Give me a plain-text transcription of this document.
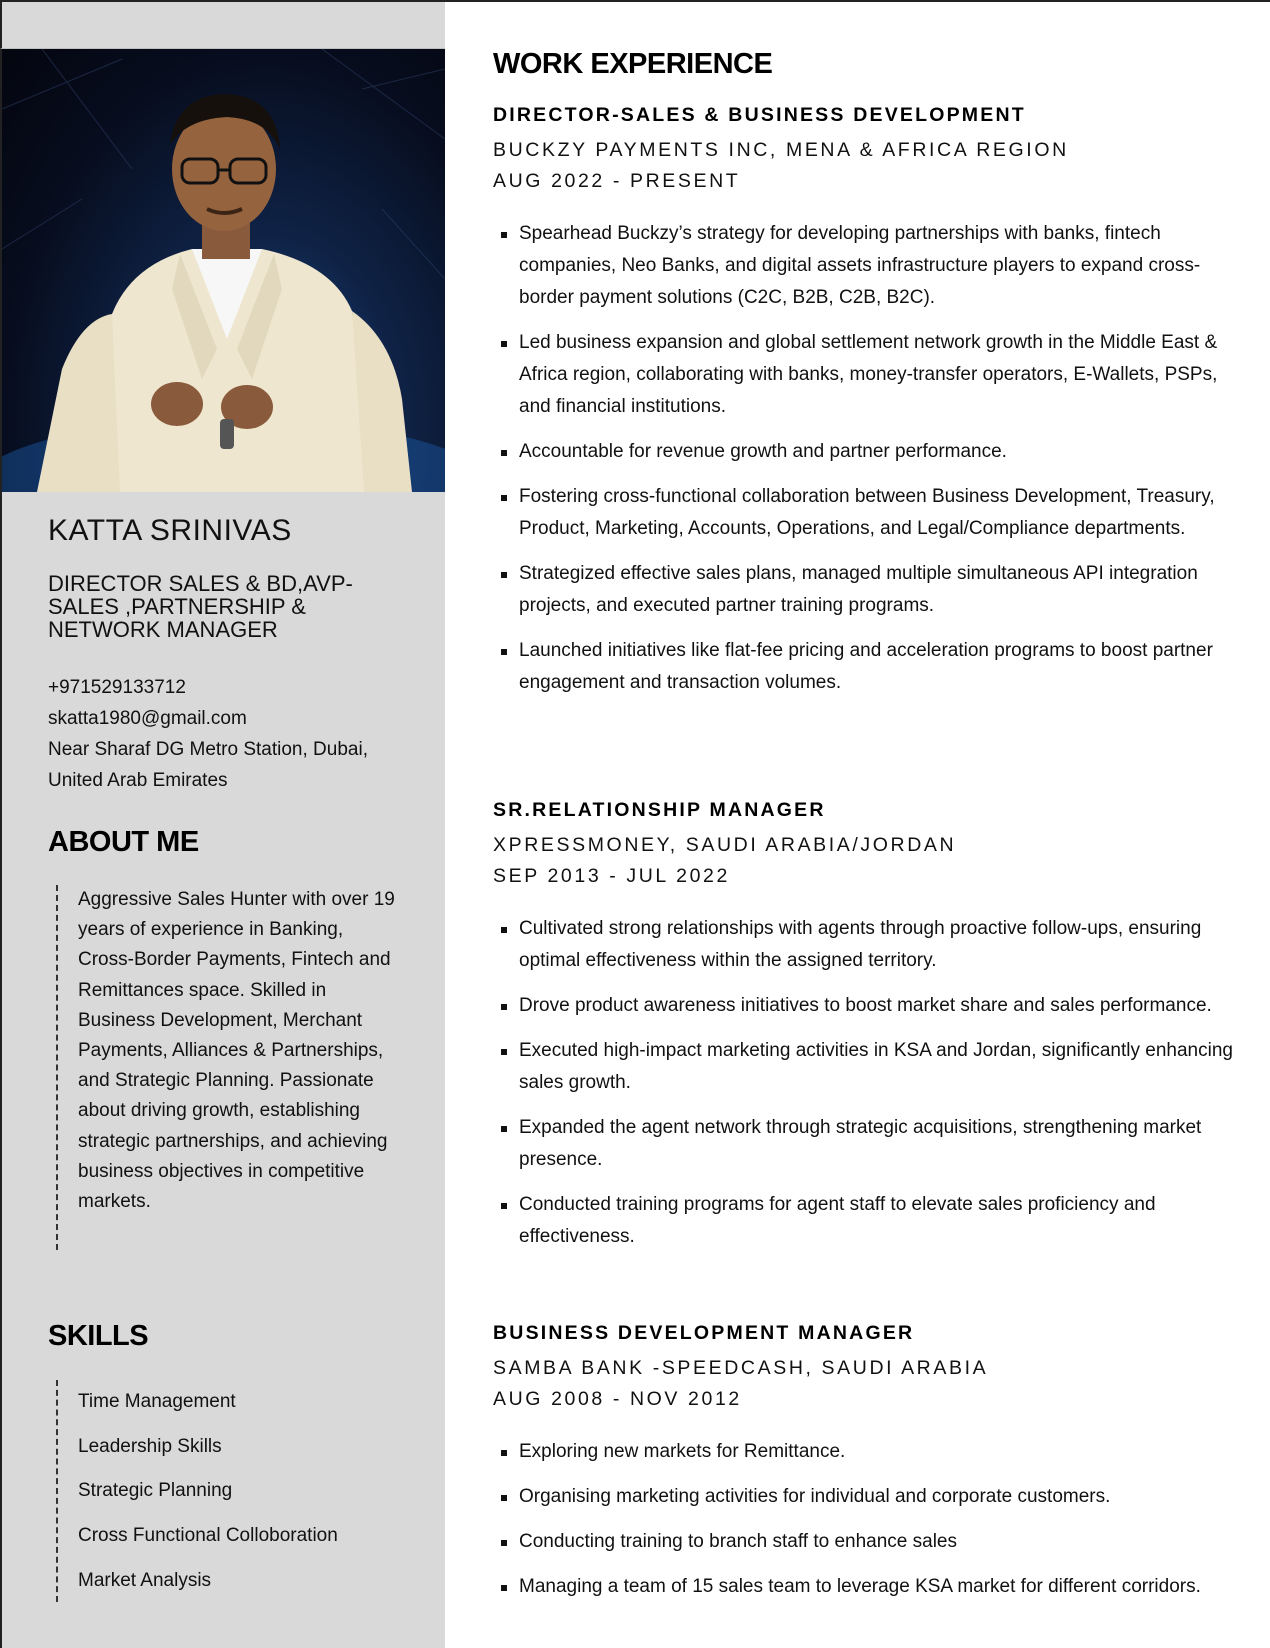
KATTA SRINIVAS
DIRECTOR SALES & BD,AVP-SALES ,PARTNERSHIP & NETWORK MANAGER
+971529133712
skatta1980@gmail.com
Near Sharaf DG Metro Station, Dubai,
United Arab Emirates
ABOUT ME
Aggressive Sales Hunter with over 19 years of experience in Banking, Cross-Border Payments, Fintech and Remittances space. Skilled in Business Development, Merchant Payments, Alliances & Partnerships, and Strategic Planning. Passionate about driving growth, establishing strategic partnerships, and achieving business objectives in competitive markets.
SKILLS
Time Management
Leadership Skills
Strategic Planning
Cross Functional Colloboration
Market Analysis
WORK EXPERIENCE
DIRECTOR-SALES & BUSINESS DEVELOPMENT
BUCKZY PAYMENTS INC, MENA & AFRICA REGION
AUG 2022 - PRESENT
Spearhead Buckzy’s strategy for developing partnerships with banks, fintech companies, Neo Banks, and digital assets infrastructure players to expand cross-border payment solutions (C2C, B2B, C2B, B2C).
Led business expansion and global settlement network growth in the Middle East & Africa region, collaborating with banks, money-transfer operators, E-Wallets, PSPs, and financial institutions.
Accountable for revenue growth and partner performance.
Fostering cross-functional collaboration between Business Development, Treasury, Product, Marketing, Accounts, Operations, and Legal/Compliance departments.
Strategized effective sales plans, managed multiple simultaneous API integration projects, and executed partner training programs.
Launched initiatives like flat-fee pricing and acceleration programs to boost partner engagement and transaction volumes.
SR.RELATIONSHIP MANAGER
XPRESSMONEY, SAUDI ARABIA/JORDAN
SEP 2013 - JUL 2022
Cultivated strong relationships with agents through proactive follow-ups, ensuring optimal effectiveness within the assigned territory.
Drove product awareness initiatives to boost market share and sales performance.
Executed high-impact marketing activities in KSA and Jordan, significantly enhancing sales growth.
Expanded the agent network through strategic acquisitions, strengthening market presence.
Conducted training programs for agent staff to elevate sales proficiency and effectiveness.
BUSINESS DEVELOPMENT MANAGER
SAMBA BANK -SPEEDCASH, SAUDI ARABIA
AUG 2008 - NOV 2012
Exploring new markets for Remittance.
Organising marketing activities for individual and corporate customers.
Conducting training to branch staff to enhance sales
Managing a team of 15 sales team to leverage KSA market for different corridors.
